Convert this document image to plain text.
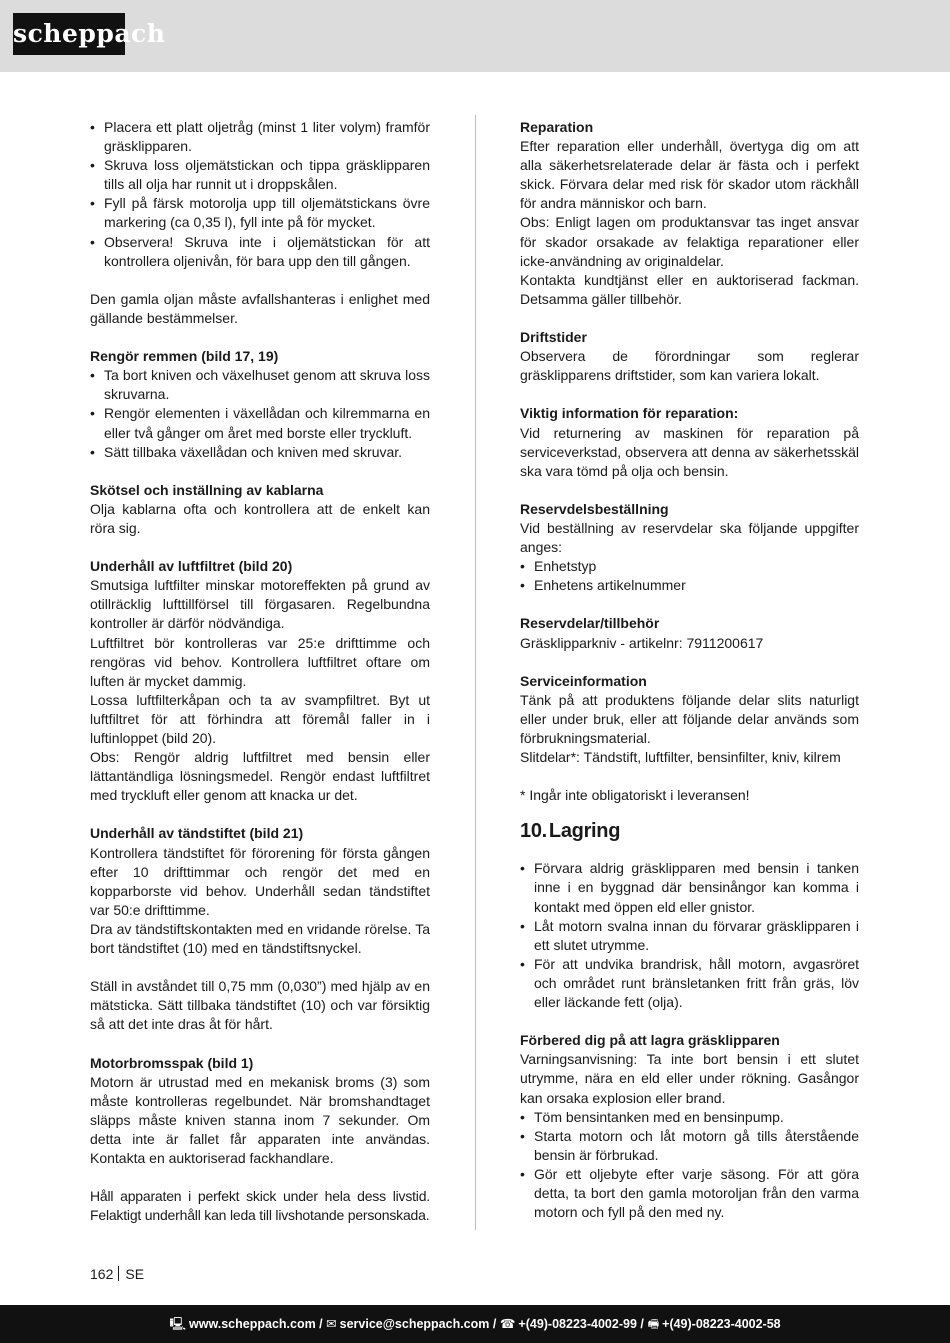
scheppach
• Placera ett platt oljetråg (minst 1 liter volym) framför gräsklipparen.
• Skruva loss oljemätstickan och tippa gräsklipparen tills all olja har runnit ut i droppskålen.
• Fyll på färsk motorolja upp till oljemätstickans övre markering (ca 0,35 l), fyll inte på för mycket.
• Observera! Skruva inte i oljemätstickan för att kontrollera oljenivån, för bara upp den till gången.

Den gamla oljan måste avfallshanteras i enlighet med gällande bestämmelser.

Rengör remmen (bild 17, 19)
• Ta bort kniven och växelhuset genom att skruva loss skruvarna.
• Rengör elementen i växellådan och kilremmarna en eller två gånger om året med borste eller tryckluft.
• Sätt tillbaka växellådan och kniven med skruvar.
Skötsel och inställning av kablarna

Olja kablarna ofta och kontrollera att de enkelt kan röra sig.

Underhåll av luftfiltret (bild 20)

Smutsiga luftfilter minskar motoreffekten på grund av otillräcklig lufttillförsel till förgasaren. Regelbundna kontroller är därför nödvändiga.

Luftfiltret bör kontrolleras var 25:e drifttimme och rengöras vid behov. Kontrollera luftfiltret oftare om luften är mycket dammig.

Lossa luftfilterkåpan och ta av svampfiltret. Byt ut luftfiltret för att förhindra att föremål faller in i luftinloppet (bild 20).

Obs: Rengör aldrig luftfiltret med bensin eller lättantändliga lösningsmedel. Rengör endast luftfiltret med tryckluft eller genom att knacka ur det.

Underhåll av tändstiftet (bild 21)

Kontrollera tändstiftet för förorening för första gången efter 10 drifttimmar och rengör det med en kopparborste vid behov. Underhåll sedan tändstiftet var 50:e drifttimme.

Dra av tändstiftskontakten med en vridande rörelse. Ta bort tändstiftet (10) med en tändstiftsnyckel.

Ställ in avståndet till 0,75 mm (0,030”) med hjälp av en mätsticka. Sätt tillbaka tändstiftet (10) och var försiktig så att det inte dras åt för hårt.

Motorbromsspak (bild 1)

Motorn är utrustad med en mekanisk broms (3) som måste kontrolleras regelbundet. När bromshandtaget släpps måste kniven stanna inom 7 sekunder. Om detta inte är fallet får apparaten inte användas. Kontakta en auktoriserad fackhandlare.

Håll apparaten i perfekt skick under hela dess livstid. Felaktigt underhåll kan leda till livshotande personskada.

Reparation

Efter reparation eller underhåll, övertyga dig om att alla säkerhetsrelaterade delar är fästa och i perfekt skick. Förvara delar med risk för skador utom räckhåll för andra människor och barn.

Obs: Enligt lagen om produktansvar tas inget ansvar för skador orsakade av felaktiga reparationer eller icke-användning av originaldelar.

Kontakta kundtjänst eller en auktoriserad fackman. Detsamma gäller tillbehör.

Driftstider

Observera de förordningar som reglerar gräsklipparens driftstider, som kan variera lokalt.

Viktig information för reparation:

Vid returnering av maskinen för reparation på serviceverkstad, observera att denna av säkerhetsskäl ska vara tömd på olja och bensin.

Reservdelsbeställning

Vid beställning av reservdelar ska följande uppgifter anges:

• Enhetstyp
• Enhetens artikelnummer
Reservdelar/tillbehör

Gräsklipparkniv - artikelnr: 7911200617

Serviceinformation

Tänk på att produktens följande delar slits naturligt eller under bruk, eller att följande delar används som förbrukningsmaterial.

Slitdelar*: Tändstift, luftfilter, bensinfilter, kniv, kilrem

* Ingår inte obligatoriskt i leveransen!

10. Lagring
• Förvara aldrig gräsklipparen med bensin i tanken inne i en byggnad där bensinångor kan komma i kontakt med öppen eld eller gnistor.
• Låt motorn svalna innan du förvarar gräsklipparen i ett slutet utrymme.
• För att undvika brandrisk, håll motorn, avgasröret och området runt bränsletanken fritt från gräs, löv eller läckande fett (olja).
Förbered dig på att lagra gräsklipparen

Varningsanvisning: Ta inte bort bensin i ett slutet utrymme, nära en eld eller under rökning. Gasångor kan orsaka explosion eller brand.

• Töm bensintanken med en bensinpump.
• Starta motorn och låt motorn gå tills återstående bensin är förbrukad.
• Gör ett oljebyte efter varje säsong. För att göra detta, ta bort den gamla motoroljan från den varma motorn och fyll på den med ny.
162 SE
🖳︎ www.scheppach.com / ✉︎ service@scheppach.com / ☎︎ +(49)-08223-4002-99 / 🖷︎ +(49)-08223-4002-58
